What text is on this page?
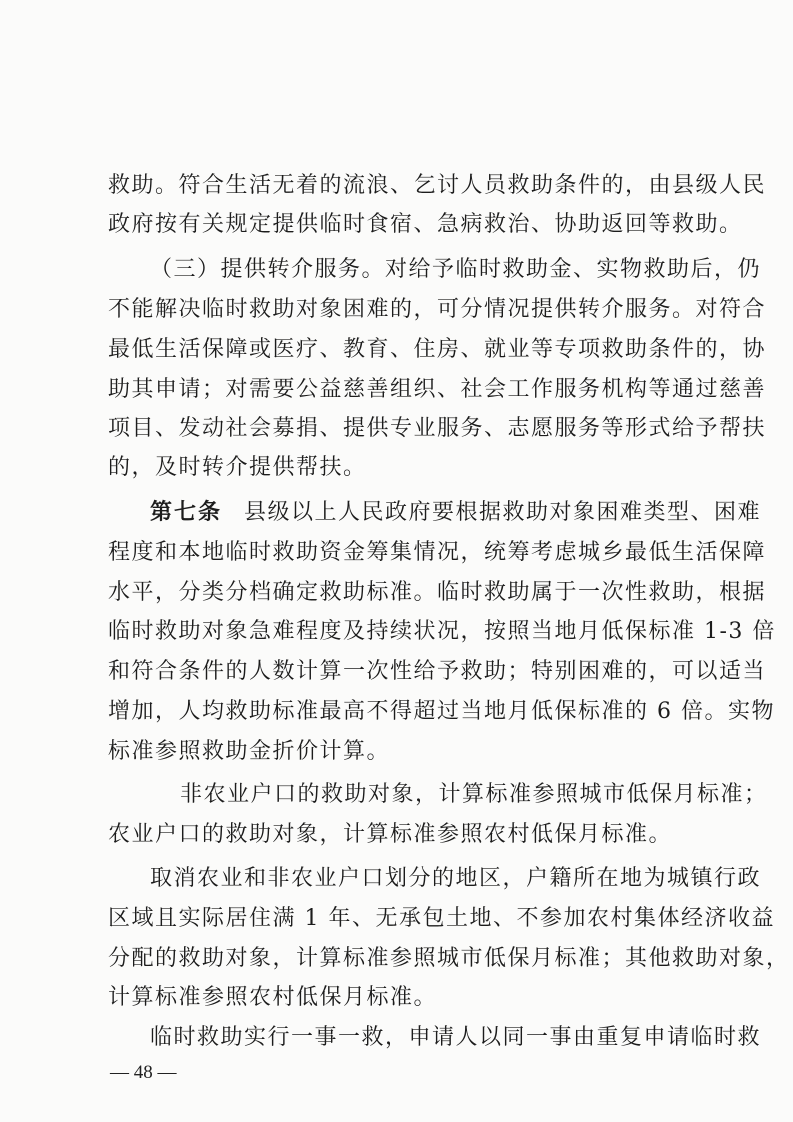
救助。符合生活无着的流浪、乞讨人员救助条件的，由县级人民
政府按有关规定提供临时食宿、急病救治、协助返回等救助。
（三）提供转介服务。对给予临时救助金、实物救助后，仍
不能解决临时救助对象困难的，可分情况提供转介服务。对符合
最低生活保障或医疗、教育、住房、就业等专项救助条件的，协
助其申请；对需要公益慈善组织、社会工作服务机构等通过慈善
项目、发动社会募捐、提供专业服务、志愿服务等形式给予帮扶
的，及时转介提供帮扶。
第七条 县级以上人民政府要根据救助对象困难类型、困难
程度和本地临时救助资金筹集情况，统筹考虑城乡最低生活保障
水平，分类分档确定救助标准。临时救助属于一次性救助，根据
临时救助对象急难程度及持续状况，按照当地月低保标准 1-3 倍
和符合条件的人数计算一次性给予救助；特别困难的，可以适当
增加，人均救助标准最高不得超过当地月低保标准的 6 倍。实物
标准参照救助金折价计算。
非农业户口的救助对象，计算标准参照城市低保月标准；
农业户口的救助对象，计算标准参照农村低保月标准。
取消农业和非农业户口划分的地区，户籍所在地为城镇行政
区域且实际居住满 1 年、无承包土地、不参加农村集体经济收益
分配的救助对象，计算标准参照城市低保月标准；其他救助对象，
计算标准参照农村低保月标准。
临时救助实行一事一救，申请人以同一事由重复申请临时救
— 48 —
